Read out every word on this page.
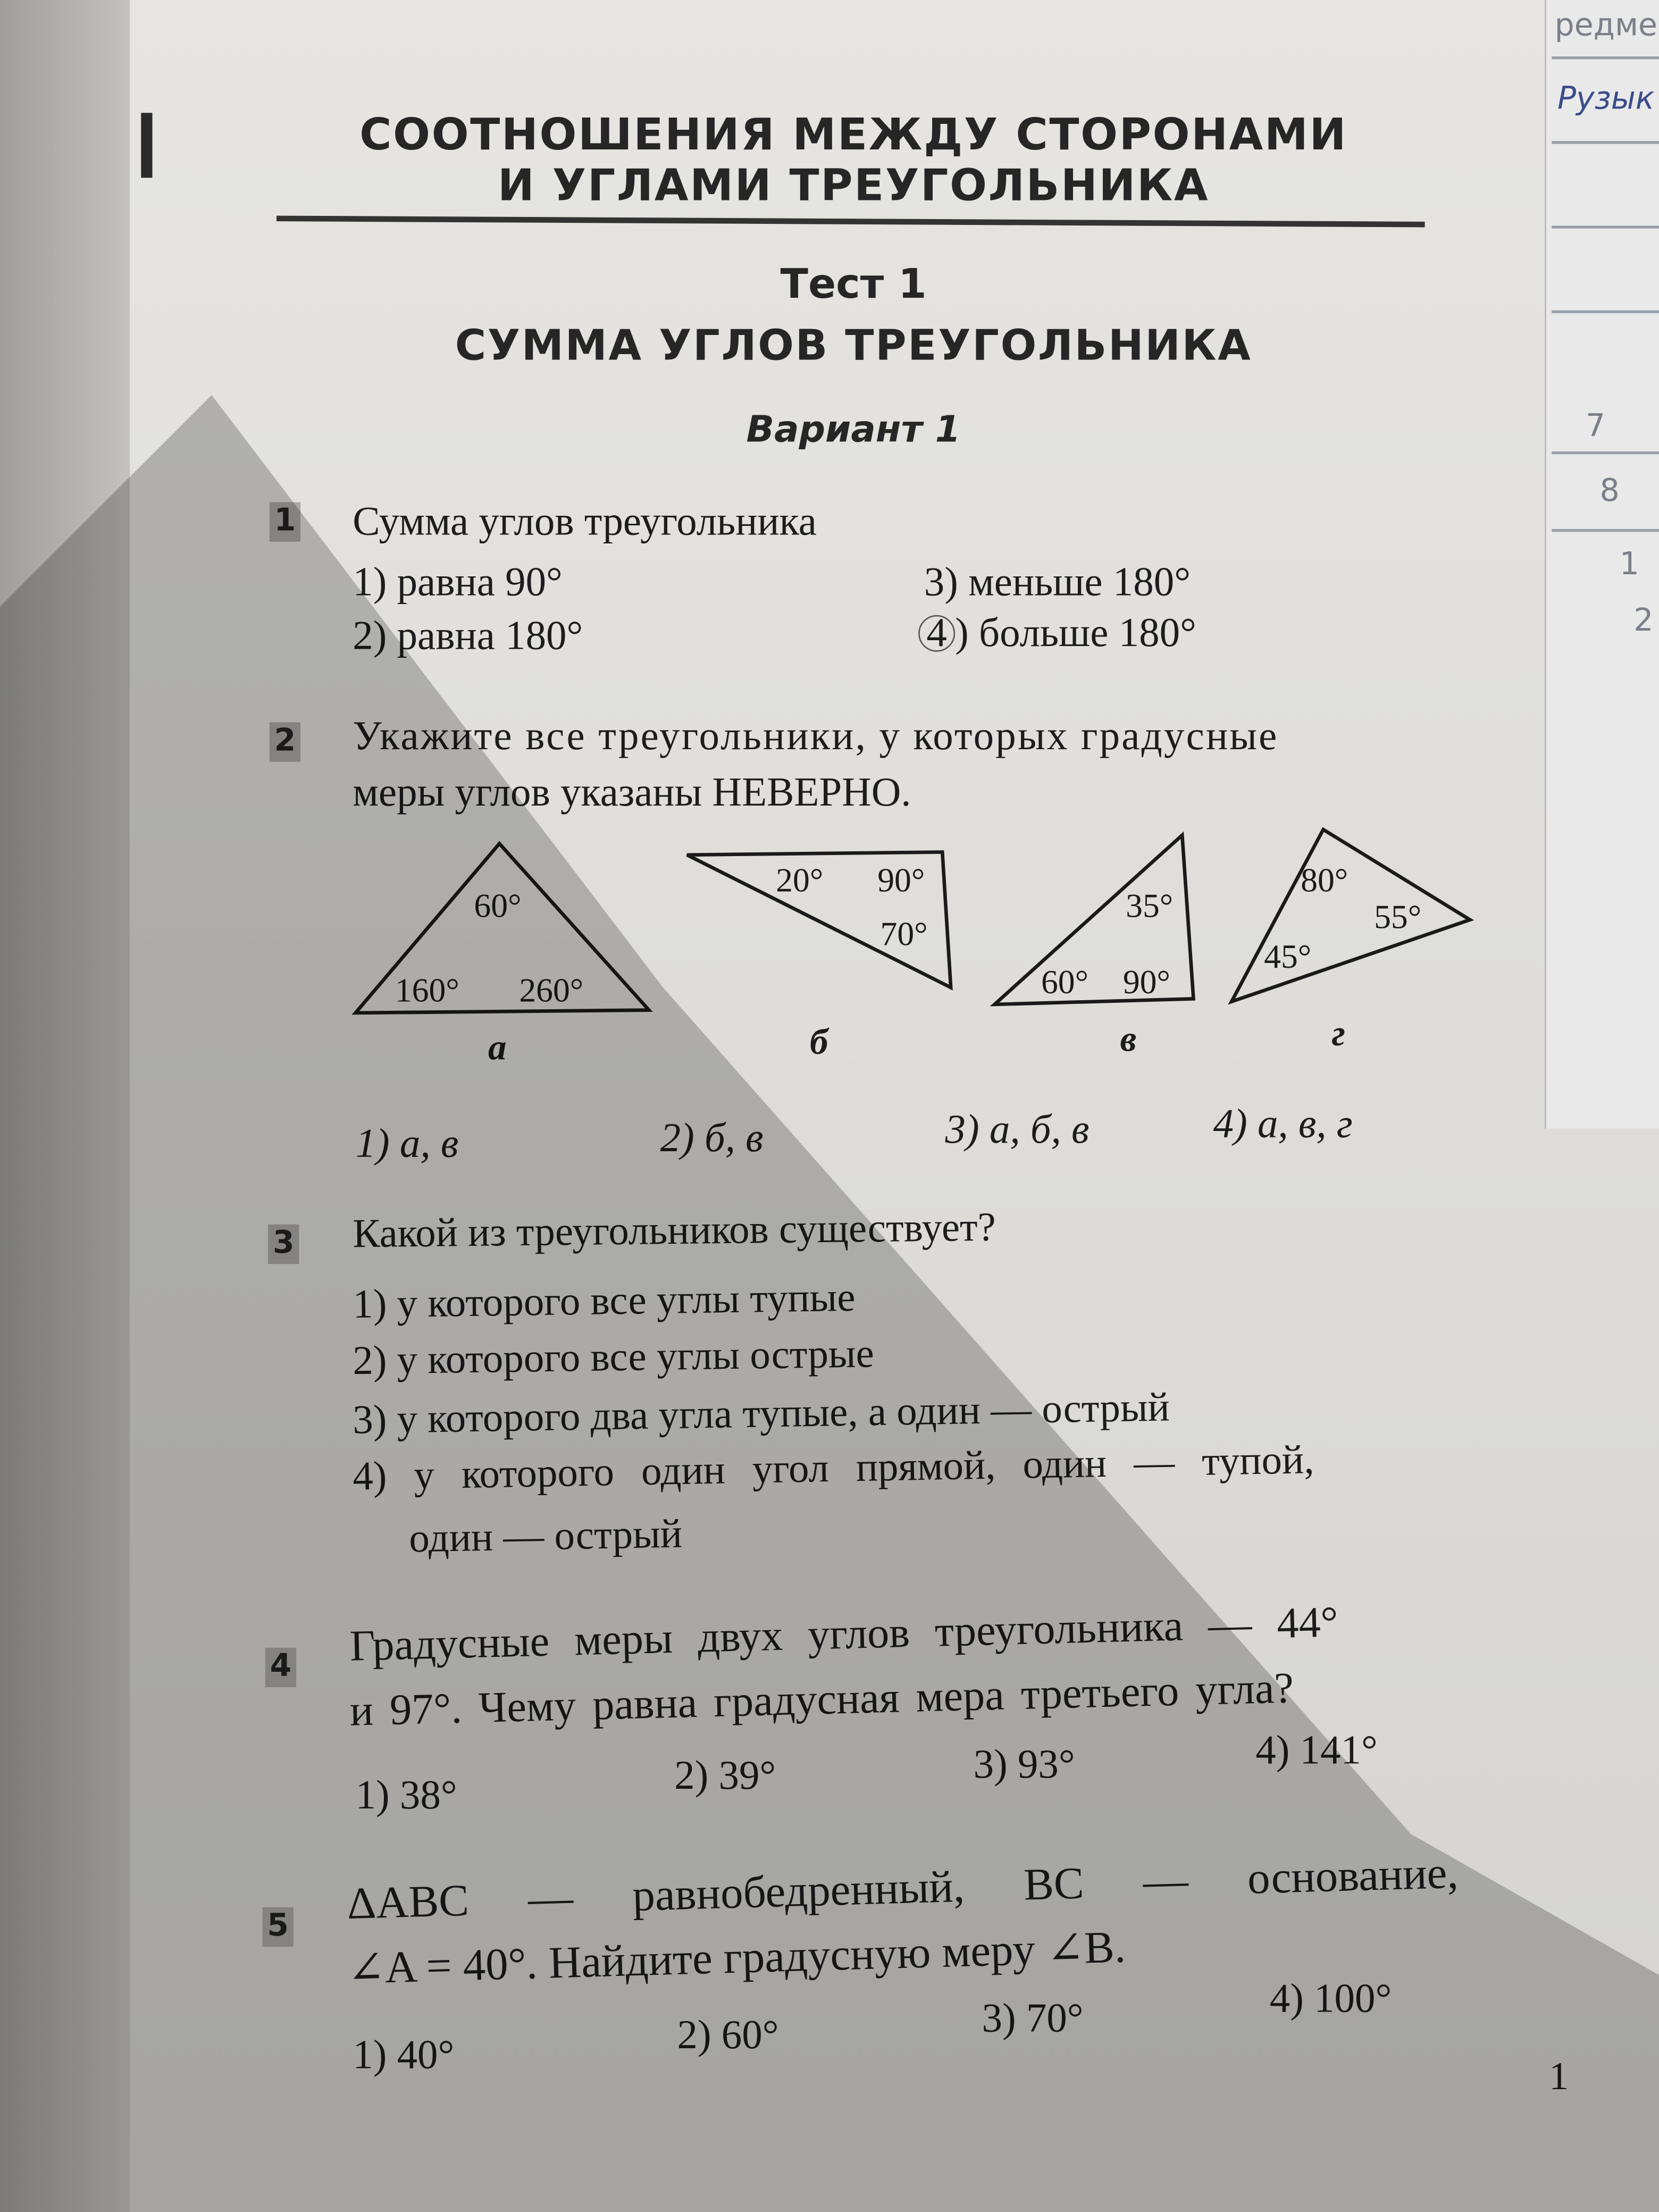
редме
Рузык
7
8
1
2
СООТНОШЕНИЯ МЕЖДУ СТОРОНАМИ
И УГЛАМИ ТРЕУГОЛЬНИКА
Тест 1
СУММА УГЛОВ ТРЕУГОЛЬНИКА
Вариант 1
1	Сумма углов треугольника
1) равна 90°
2) равна 180°
3) меньше 180°
4 ) больше 180°
2	Укажите все треугольники, у которых градусные
меры углов указаны НЕВЕРНО.
60°
160°	260°
20°	90°
70°
35°
60°	90°
80°
55°
45°
а	б	в	г
1) а, в	2) б, в	3) а, б, в	4) а, в, г
3	Какой из треугольников существует?
1) у которого все углы тупые
2) у которого все углы острые
3) у которого два угла тупые, а один — острый
4) у которого один угол прямой, один — тупой,
один — острый
4	Градусные меры двух углов треугольника — 44°
и 97°. Чему равна градусная мера третьего угла?
1) 38°	2) 39°	3) 93°	4) 141°
5	ΔABC — равнобедренный, BC — основание,
∠A = 40°. Найдите градусную меру ∠B.
1) 40°	2) 60°	3) 70°	4) 100°
1
